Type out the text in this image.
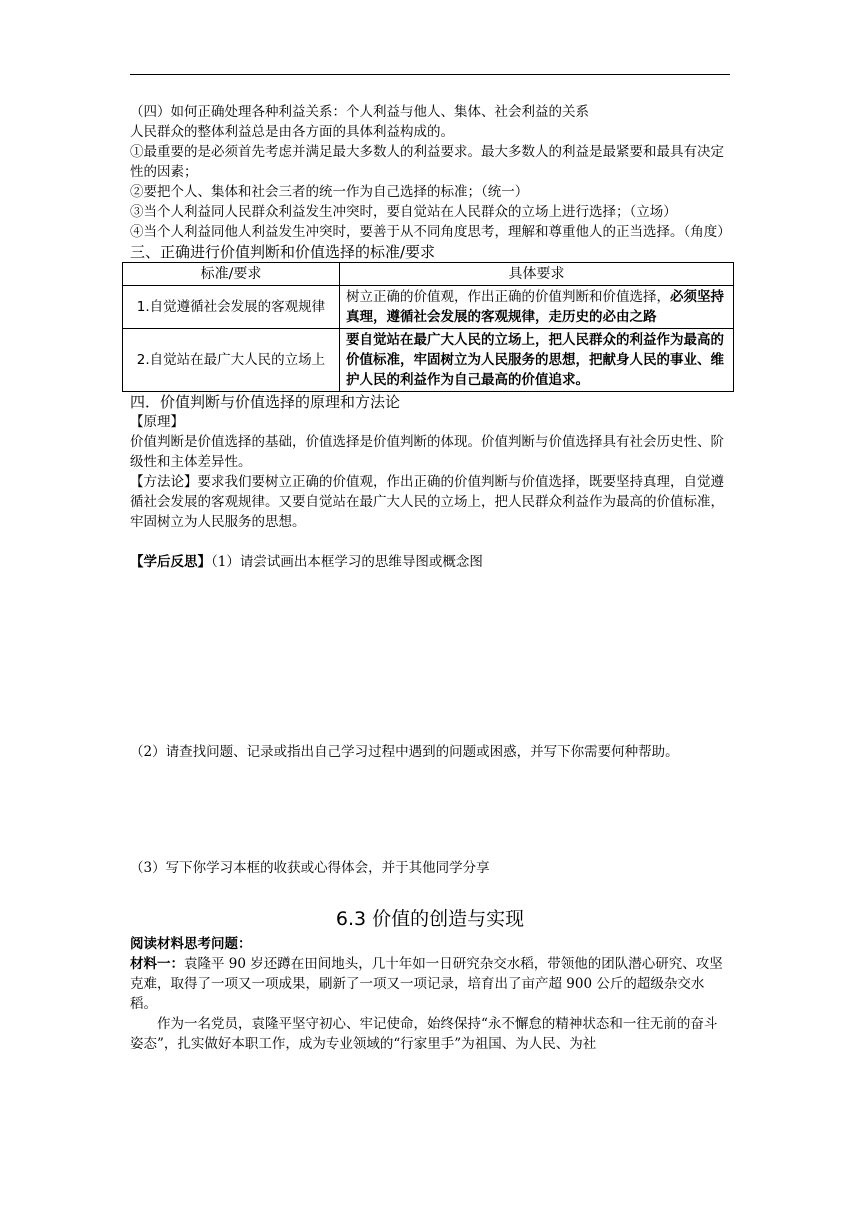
（四）如何正确处理各种利益关系：个人利益与他人、集体、社会利益的关系

人民群众的整体利益总是由各方面的具体利益构成的。

①最重要的是必须首先考虑并满足最大多数人的利益要求。最大多数人的利益是最紧要和最具有决定性的因素；

②要把个人、集体和社会三者的统一作为自己选择的标准；（统一）

③当个人利益同人民群众利益发生冲突时，要自觉站在人民群众的立场上进行选择；（立场）

④当个人利益同他人利益发生冲突时，要善于从不同角度思考，理解和尊重他人的正当选择。（角度）

三、正确进行价值判断和价值选择的标准/要求

标准/要求	具体要求
1.自觉遵循社会发展的客观规律	树立正确的价值观，作出正确的价值判断和价值选择，必须坚持真理，遵循社会发展的客观规律，走历史的必由之路
2.自觉站在最广大人民的立场上	要自觉站在最广大人民的立场上，把人民群众的利益作为最高的价值标准，牢固树立为人民服务的思想，把献身人民的事业、维护人民的利益作为自己最高的价值追求。

四．价值判断与价值选择的原理和方法论

【原理】

价值判断是价值选择的基础，价值选择是价值判断的体现。价值判断与价值选择具有社会历史性、阶级性和主体差异性。

【方法论】要求我们要树立正确的价值观，作出正确的价值判断与价值选择，既要坚持真理，自觉遵循社会发展的客观规律。又要自觉站在最广大人民的立场上，把人民群众利益作为最高的价值标准，牢固树立为人民服务的思想。

【学后反思】（1）请尝试画出本框学习的思维导图或概念图

（2）请查找问题、记录或指出自己学习过程中遇到的问题或困惑，并写下你需要何种帮助。

（3）写下你学习本框的收获或心得体会，并于其他同学分享

6.3 价值的创造与实现

阅读材料思考问题：

材料一：袁隆平 90 岁还蹲在田间地头，几十年如一日研究杂交水稻，带领他的团队潜心研究、攻坚克难，取得了一项又一项成果，刷新了一项又一项记录，培育出了亩产超 900 公斤的超级杂交水稻。

作为一名党员，袁隆平坚守初心、牢记使命，始终保持“永不懈怠的精神状态和一往无前的奋斗姿态”，扎实做好本职工作，成为专业领域的“行家里手”为祖国、为人民、为社
